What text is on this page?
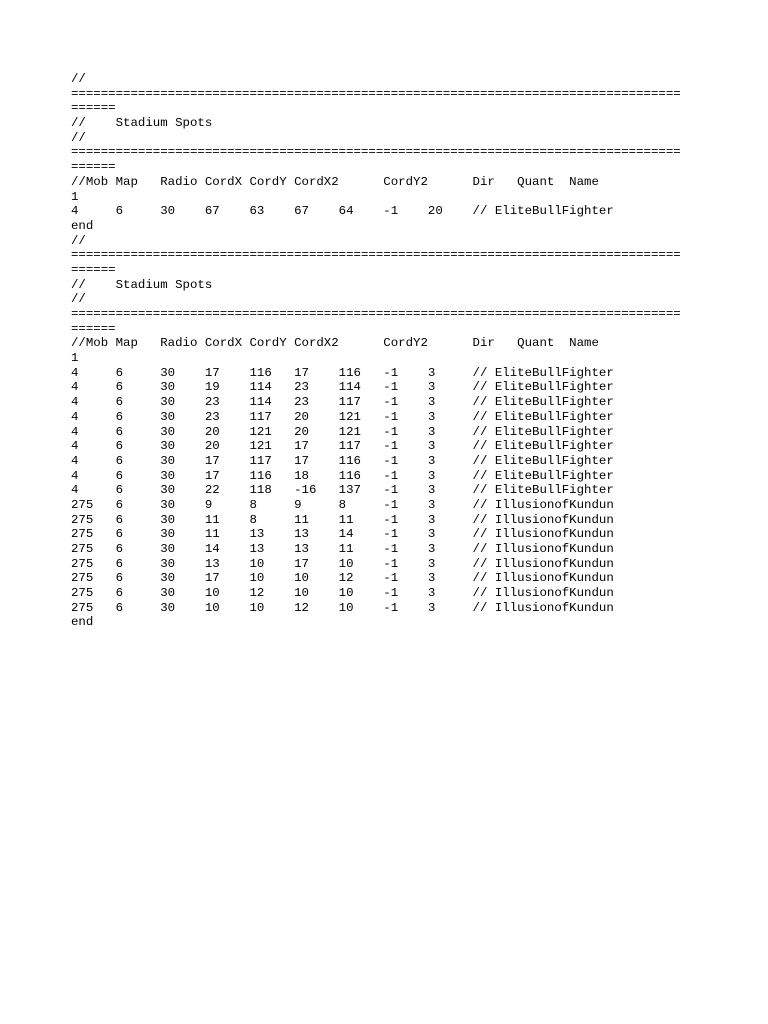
//
==================================================================================
======
//    Stadium Spots
//
==================================================================================
======
//Mob Map   Radio CordX CordY CordX2      CordY2      Dir   Quant  Name
1
4     6     30    67    63    67    64    -1    20    // EliteBullFighter
end
//
==================================================================================
======
//    Stadium Spots
//
==================================================================================
======
//Mob Map   Radio CordX CordY CordX2      CordY2      Dir   Quant  Name
1
4     6     30    17    116   17    116   -1    3     // EliteBullFighter
4     6     30    19    114   23    114   -1    3     // EliteBullFighter
4     6     30    23    114   23    117   -1    3     // EliteBullFighter
4     6     30    23    117   20    121   -1    3     // EliteBullFighter
4     6     30    20    121   20    121   -1    3     // EliteBullFighter
4     6     30    20    121   17    117   -1    3     // EliteBullFighter
4     6     30    17    117   17    116   -1    3     // EliteBullFighter
4     6     30    17    116   18    116   -1    3     // EliteBullFighter
4     6     30    22    118   -16   137   -1    3     // EliteBullFighter
275   6     30    9     8     9     8     -1    3     // IllusionofKundun
275   6     30    11    8     11    11    -1    3     // IllusionofKundun
275   6     30    11    13    13    14    -1    3     // IllusionofKundun
275   6     30    14    13    13    11    -1    3     // IllusionofKundun
275   6     30    13    10    17    10    -1    3     // IllusionofKundun
275   6     30    17    10    10    12    -1    3     // IllusionofKundun
275   6     30    10    12    10    10    -1    3     // IllusionofKundun
275   6     30    10    10    12    10    -1    3     // IllusionofKundun
end
